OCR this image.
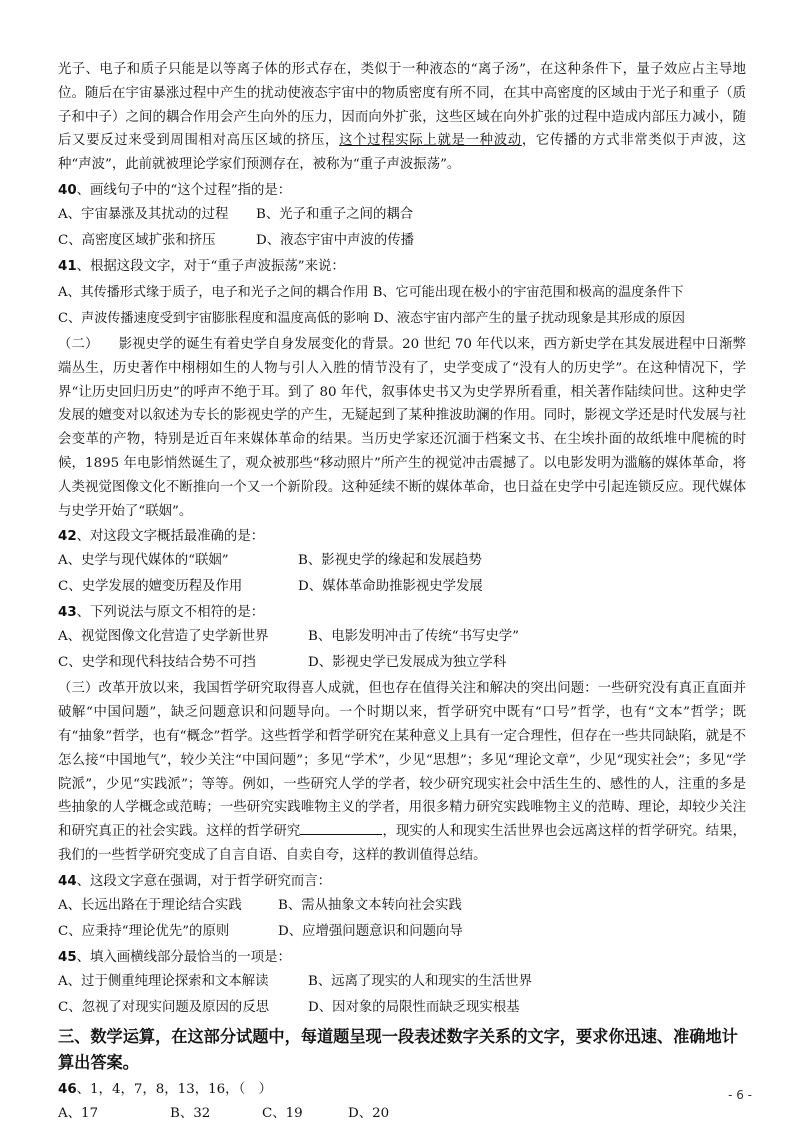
光子、电子和质子只能是以等离子体的形式存在，类似于一种液态的“离子汤”，在这种条件下，量子效应占主导地位。随后在宇宙暴涨过程中产生的扰动使液态宇宙中的物质密度有所不同，在其中高密度的区域由于光子和重子（质子和中子）之间的耦合作用会产生向外的压力，因而向外扩张，这些区域在向外扩张的过程中造成内部压力减小，随后又要反过来受到周围相对高压区域的挤压，这个过程实际上就是一种波动，它传播的方式非常类似于声波，这种“声波”，此前就被理论学家们预测存在，被称为“重子声波振荡”。

40、画线句子中的“这个过程”指的是：

A、宇宙暴涨及其扰动的过程 B、光子和重子之间的耦合

C、高密度区域扩张和挤压	D、液态宇宙中声波的传播

41、根据这段文字，对于“重子声波振荡”来说：

A、其传播形式缘于质子，电子和光子之间的耦合作用 B、它可能出现在极小的宇宙范围和极高的温度条件下

C、声波传播速度受到宇宙膨胀程度和温度高低的影响 D、液态宇宙内部产生的量子扰动现象是其形成的原因

（二）　　影视史学的诞生有着史学自身发展变化的背景。20 世纪 70 年代以来，西方新史学在其发展进程中日渐弊端丛生，历史著作中栩栩如生的人物与引人入胜的情节没有了，史学变成了“没有人的历史学”。在这种情况下，学界“让历史回归历史”的呼声不绝于耳。到了 80 年代，叙事体史书又为史学界所看重，相关著作陆续问世。这种史学发展的嬗变对以叙述为专长的影视史学的产生，无疑起到了某种推波助澜的作用。同时，影视文学还是时代发展与社会变革的产物，特别是近百年来媒体革命的结果。当历史学家还沉湎于档案文书、在尘埃扑面的故纸堆中爬梳的时候，1895 年电影悄然诞生了，观众被那些“移动照片”所产生的视觉冲击震撼了。以电影发明为滥觞的媒体革命，将人类视觉图像文化不断推向一个又一个新阶段。这种延续不断的媒体革命，也日益在史学中引起连锁反应。现代媒体与史学开始了“联姻”。

42、对这段文字概括最准确的是：

A、史学与现代媒体的“联姻”	B、影视史学的缘起和发展趋势

C、史学发展的嬗变历程及作用	D、媒体革命助推影视史学发展

43、下列说法与原文不相符的是：

A、视觉图像文化营造了史学新世界	B、电影发明冲击了传统“书写史学”

C、史学和现代科技结合势不可挡	D、影视史学已发展成为独立学科

（三）改革开放以来，我国哲学研究取得喜人成就，但也存在值得关注和解决的突出问题：一些研究没有真正直面并破解“中国问题”，缺乏问题意识和问题导向。一个时期以来，哲学研究中既有“口号”哲学，也有“文本”哲学；既有“抽象”哲学，也有“概念”哲学。这些哲学和哲学研究在某种意义上具有一定合理性，但存在一些共同缺陷，就是不怎么接“中国地气”，较少关注“中国问题”；多见“学术”，少见“思想”；多见“理论文章”，少见“现实社会”；多见“学院派”，少见“实践派”；等等。例如，一些研究人学的学者，较少研究现实社会中活生生的、感性的人，注重的多是些抽象的人学概念或范畴；一些研究实践唯物主义的学者，用很多精力研究实践唯物主义的范畴、理论，却较少关注和研究真正的社会实践。这样的哲学研究	，现实的人和现实生活世界也会远离这样的哲学研究。结果，我们的一些哲学研究变成了自言自语、自卖自夸，这样的教训值得总结。

44、这段文字意在强调，对于哲学研究而言：

A、长远出路在于理论结合实践	B、需从抽象文本转向社会实践

C、应秉持“理论优先”的原则	D、应增强问题意识和问题向导

45、填入画横线部分最恰当的一项是：

A、过于侧重纯理论探索和文本解读	B、远离了现实的人和现实的生活世界

C、忽视了对现实问题及原因的反思	D、因对象的局限性而缺乏现实根基

三、数学运算，在这部分试题中，每道题呈现一段表述数字关系的文字，要求你迅速、准确地计算出答案。

46、1，4，7，8，13，16，（　）

A、17	B、32	C、19	D、20

- 6 -
